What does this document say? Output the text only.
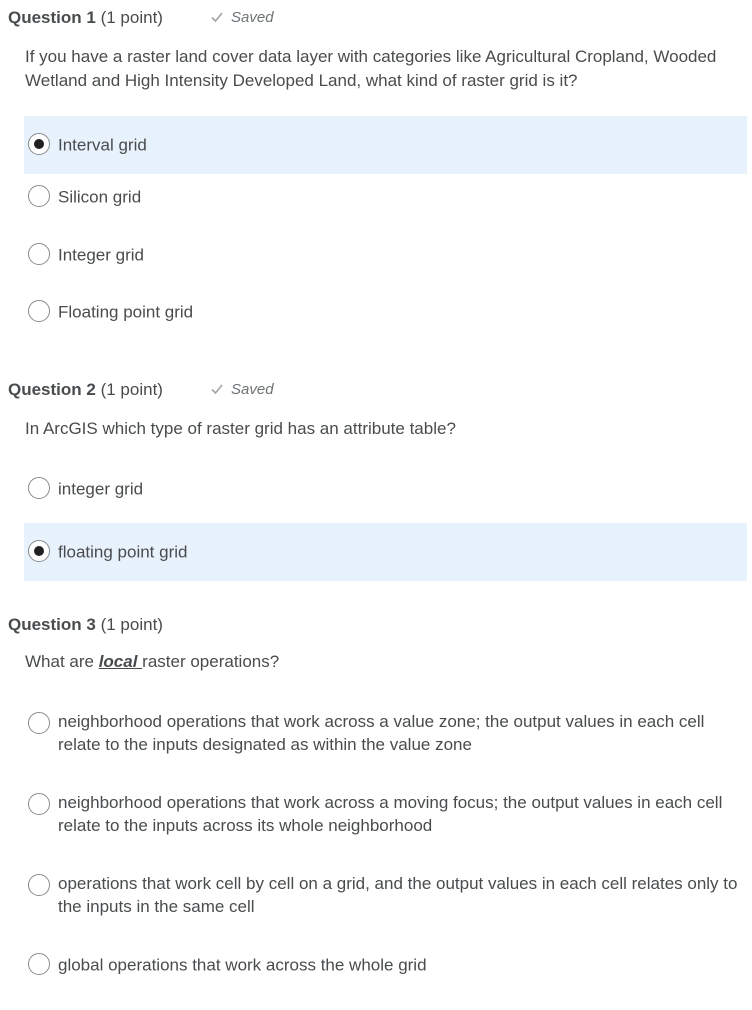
Question 1 (1 point)	Saved
If you have a raster land cover data layer with categories like Agricultural Cropland, Wooded Wetland and High Intensity Developed Land, what kind of raster grid is it?
Interval grid
Silicon grid
Integer grid
Floating point grid
Question 2 (1 point)	Saved
In ArcGIS which type of raster grid has an attribute table?
integer grid
floating point grid
Question 3 (1 point)
What are local raster operations?
neighborhood operations that work across a value zone; the output values in each cell relate to the inputs designated as within the value zone
neighborhood operations that work across a moving focus; the output values in each cell relate to the inputs across its whole neighborhood
operations that work cell by cell on a grid, and the output values in each cell relates only to the inputs in the same cell
global operations that work across the whole grid
